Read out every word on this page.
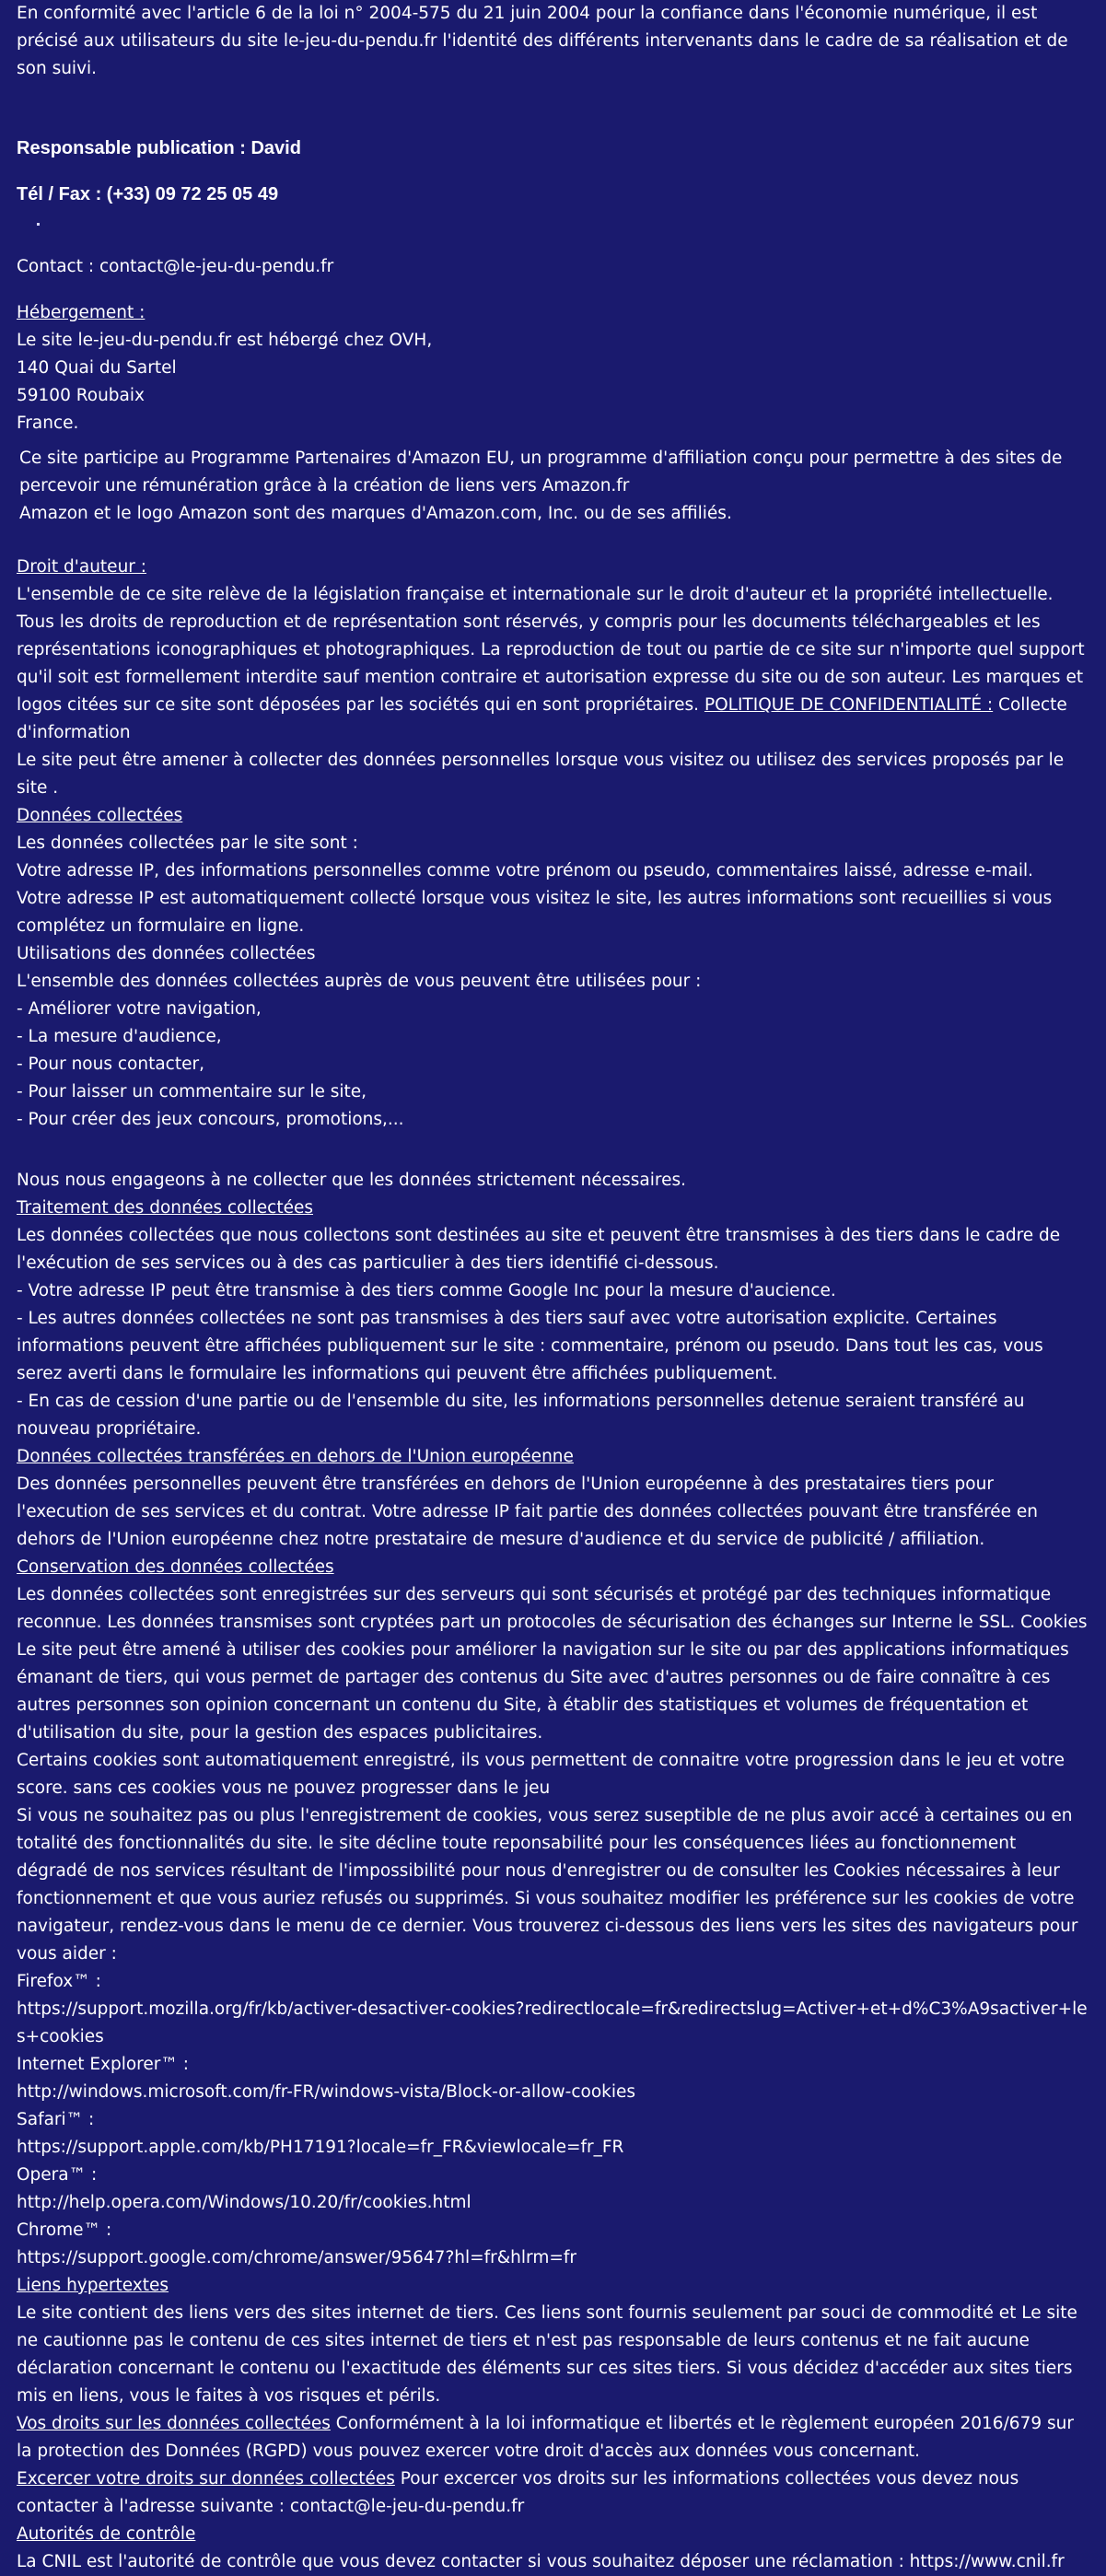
En conformité avec l'article 6 de la loi n° 2004-575 du 21 juin 2004 pour la confiance dans l'économie numérique, il est précisé aux utilisateurs du site le-jeu-du-pendu.fr l'identité des différents intervenants dans le cadre de sa réalisation et de son suivi.

Responsable publication : David

Tél / Fax : (+33) 09 72 25 05 49

Contact : contact@le-jeu-du-pendu.fr

Hébergement :

Le site le-jeu-du-pendu.fr est hébergé chez OVH,

140 Quai du Sartel

59100 Roubaix

France.

Ce site participe au Programme Partenaires d'Amazon EU, un programme d'affiliation conçu pour permettre à des sites de percevoir une rémunération grâce à la création de liens vers Amazon.fr

Amazon et le logo Amazon sont des marques d'Amazon.com, Inc. ou de ses affiliés.

Droit d'auteur :

L'ensemble de ce site relève de la législation française et internationale sur le droit d'auteur et la propriété intellectuelle. Tous les droits de reproduction et de représentation sont réservés, y compris pour les documents téléchargeables et les représentations iconographiques et photographiques. La reproduction de tout ou partie de ce site sur n'importe quel support qu'il soit est formellement interdite sauf mention contraire et autorisation expresse du site ou de son auteur. Les marques et logos citées sur ce site sont déposées par les sociétés qui en sont propriétaires. POLITIQUE DE CONFIDENTIALITÉ : Collecte d'information

Le site peut être amener à collecter des données personnelles lorsque vous visitez ou utilisez des services proposés par le site .

Données collectées

Les données collectées par le site sont :

Votre adresse IP, des informations personnelles comme votre prénom ou pseudo, commentaires laissé, adresse e-mail.

Votre adresse IP est automatiquement collecté lorsque vous visitez le site, les autres informations sont recueillies si vous complétez un formulaire en ligne.

Utilisations des données collectées

L'ensemble des données collectées auprès de vous peuvent être utilisées pour :

- Améliorer votre navigation,

- La mesure d'audience,

- Pour nous contacter,

- Pour laisser un commentaire sur le site,

- Pour créer des jeux concours, promotions,...

Nous nous engageons à ne collecter que les données strictement nécessaires.

Traitement des données collectées

Les données collectées que nous collectons sont destinées au site et peuvent être transmises à des tiers dans le cadre de l'exécution de ses services ou à des cas particulier à des tiers identifié ci-dessous.

- Votre adresse IP peut être transmise à des tiers comme Google Inc pour la mesure d'aucience.

- Les autres données collectées ne sont pas transmises à des tiers sauf avec votre autorisation explicite. Certaines informations peuvent être affichées publiquement sur le site : commentaire, prénom ou pseudo. Dans tout les cas, vous serez averti dans le formulaire les informations qui peuvent être affichées publiquement.

- En cas de cession d'une partie ou de l'ensemble du site, les informations personnelles detenue seraient transféré au nouveau propriétaire.

Données collectées transférées en dehors de l'Union européenne

Des données personnelles peuvent être transférées en dehors de l'Union européenne à des prestataires tiers pour l'execution de ses services et du contrat. Votre adresse IP fait partie des données collectées pouvant être transférée en dehors de l'Union européenne chez notre prestataire de mesure d'audience et du service de publicité / affiliation.

Conservation des données collectées

Les données collectées sont enregistrées sur des serveurs qui sont sécurisés et protégé par des techniques informatique reconnue. Les données transmises sont cryptées part un protocoles de sécurisation des échanges sur Interne le SSL. Cookies

Le site peut être amené à utiliser des cookies pour améliorer la navigation sur le site ou par des applications informatiques émanant de tiers, qui vous permet de partager des contenus du Site avec d'autres personnes ou de faire connaître à ces autres personnes son opinion concernant un contenu du Site, à établir des statistiques et volumes de fréquentation et d'utilisation du site, pour la gestion des espaces publicitaires.

Certains cookies sont automatiquement enregistré, ils vous permettent de connaitre votre progression dans le jeu et votre score. sans ces cookies vous ne pouvez progresser dans le jeu

Si vous ne souhaitez pas ou plus l'enregistrement de cookies, vous serez suseptible de ne plus avoir accé à certaines ou en totalité des fonctionnalités du site. le site décline toute reponsabilité pour les conséquences liées au fonctionnement dégradé de nos services résultant de l'impossibilité pour nous d'enregistrer ou de consulter les Cookies nécessaires à leur fonctionnement et que vous auriez refusés ou supprimés. Si vous souhaitez modifier les préférence sur les cookies de votre navigateur, rendez-vous dans le menu de ce dernier. Vous trouverez ci-dessous des liens vers les sites des navigateurs pour vous aider :

Firefox™ :

https://support.mozilla.org/fr/kb/activer-desactiver-cookies?redirectlocale=fr&redirectslug=Activer+et+d%C3%A9sactiver+les+cookies

Internet Explorer™ :

http://windows.microsoft.com/fr-FR/windows-vista/Block-or-allow-cookies

Safari™ :

https://support.apple.com/kb/PH17191?locale=fr_FR&viewlocale=fr_FR

Opera™ :

http://help.opera.com/Windows/10.20/fr/cookies.html

Chrome™ :

https://support.google.com/chrome/answer/95647?hl=fr&hlrm=fr

Liens hypertextes

Le site contient des liens vers des sites internet de tiers. Ces liens sont fournis seulement par souci de commodité et Le site ne cautionne pas le contenu de ces sites internet de tiers et n'est pas responsable de leurs contenus et ne fait aucune déclaration concernant le contenu ou l'exactitude des éléments sur ces sites tiers. Si vous décidez d'accéder aux sites tiers mis en liens, vous le faites à vos risques et périls.

Vos droits sur les données collectées Conformément à la loi informatique et libertés et le règlement européen 2016/679 sur la protection des Données (RGPD) vous pouvez exercer votre droit d'accès aux données vous concernant.

Excercer votre droits sur données collectées Pour excercer vos droits sur les informations collectées vous devez nous contacter à l'adresse suivante : contact@le-jeu-du-pendu.fr

Autorités de contrôle

La CNIL est l'autorité de contrôle que vous devez contacter si vous souhaitez déposer une réclamation : https://www.cnil.fr
